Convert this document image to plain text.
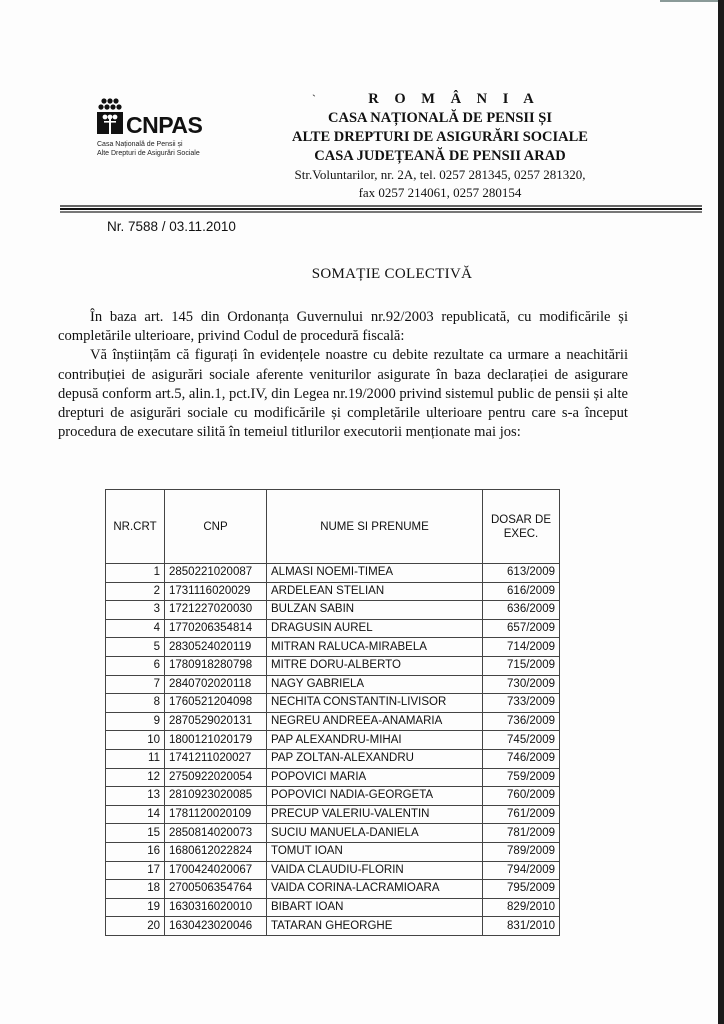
CNPAS
Casa Națională de Pensii și
Alte Drepturi de Asigurări Sociale
`	R O M Â N I A
CASA NAȚIONALĂ DE PENSII ȘI
ALTE DREPTURI DE ASIGURĂRI SOCIALE
CASA JUDEȚEANĂ DE PENSII ARAD
Str.Voluntarilor, nr. 2A, tel. 0257 281345, 0257 281320,
fax 0257 214061, 0257 280154
Nr. 7588 / 03.11.2010
SOMAȚIE COLECTIVĂ

În baza art. 145 din Ordonanța Guvernului nr.92/2003 republicată, cu modificările și completările ulterioare, privind Codul de procedură fiscală:

Vă înștiințăm că figurați în evidențele noastre cu debite rezultate ca urmare a neachitării contribuției de asigurări sociale aferente veniturilor asigurate în baza declarației de asigurare depusă conform art.5, alin.1, pct.IV, din Legea nr.19/2000 privind sistemul public de pensii și alte drepturi de asigurări sociale cu modificările și completările ulterioare pentru care s-a început procedura de executare silită în temeiul titlurilor executorii menționate mai jos:

NR.CRT	CNP	NUME SI PRENUME	DOSAR DE
EXEC.
1	2850221020087	ALMASI NOEMI-TIMEA	613/2009
2	1731116020029	ARDELEAN STELIAN	616/2009
3	1721227020030	BULZAN SABIN	636/2009
4	1770206354814	DRAGUSIN AUREL	657/2009
5	2830524020119	MITRAN RALUCA-MIRABELA	714/2009
6	1780918280798	MITRE DORU-ALBERTO	715/2009
7	2840702020118	NAGY GABRIELA	730/2009
8	1760521204098	NECHITA CONSTANTIN-LIVISOR	733/2009
9	2870529020131	NEGREU ANDREEA-ANAMARIA	736/2009
10	1800121020179	PAP ALEXANDRU-MIHAI	745/2009
11	1741211020027	PAP ZOLTAN-ALEXANDRU	746/2009
12	2750922020054	POPOVICI MARIA	759/2009
13	2810923020085	POPOVICI NADIA-GEORGETA	760/2009
14	1781120020109	PRECUP VALERIU-VALENTIN	761/2009
15	2850814020073	SUCIU MANUELA-DANIELA	781/2009
16	1680612022824	TOMUT IOAN	789/2009
17	1700424020067	VAIDA CLAUDIU-FLORIN	794/2009
18	2700506354764	VAIDA CORINA-LACRAMIOARA	795/2009
19	1630316020010	BIBART IOAN	829/2010
20	1630423020046	TATARAN GHEORGHE	831/2010
